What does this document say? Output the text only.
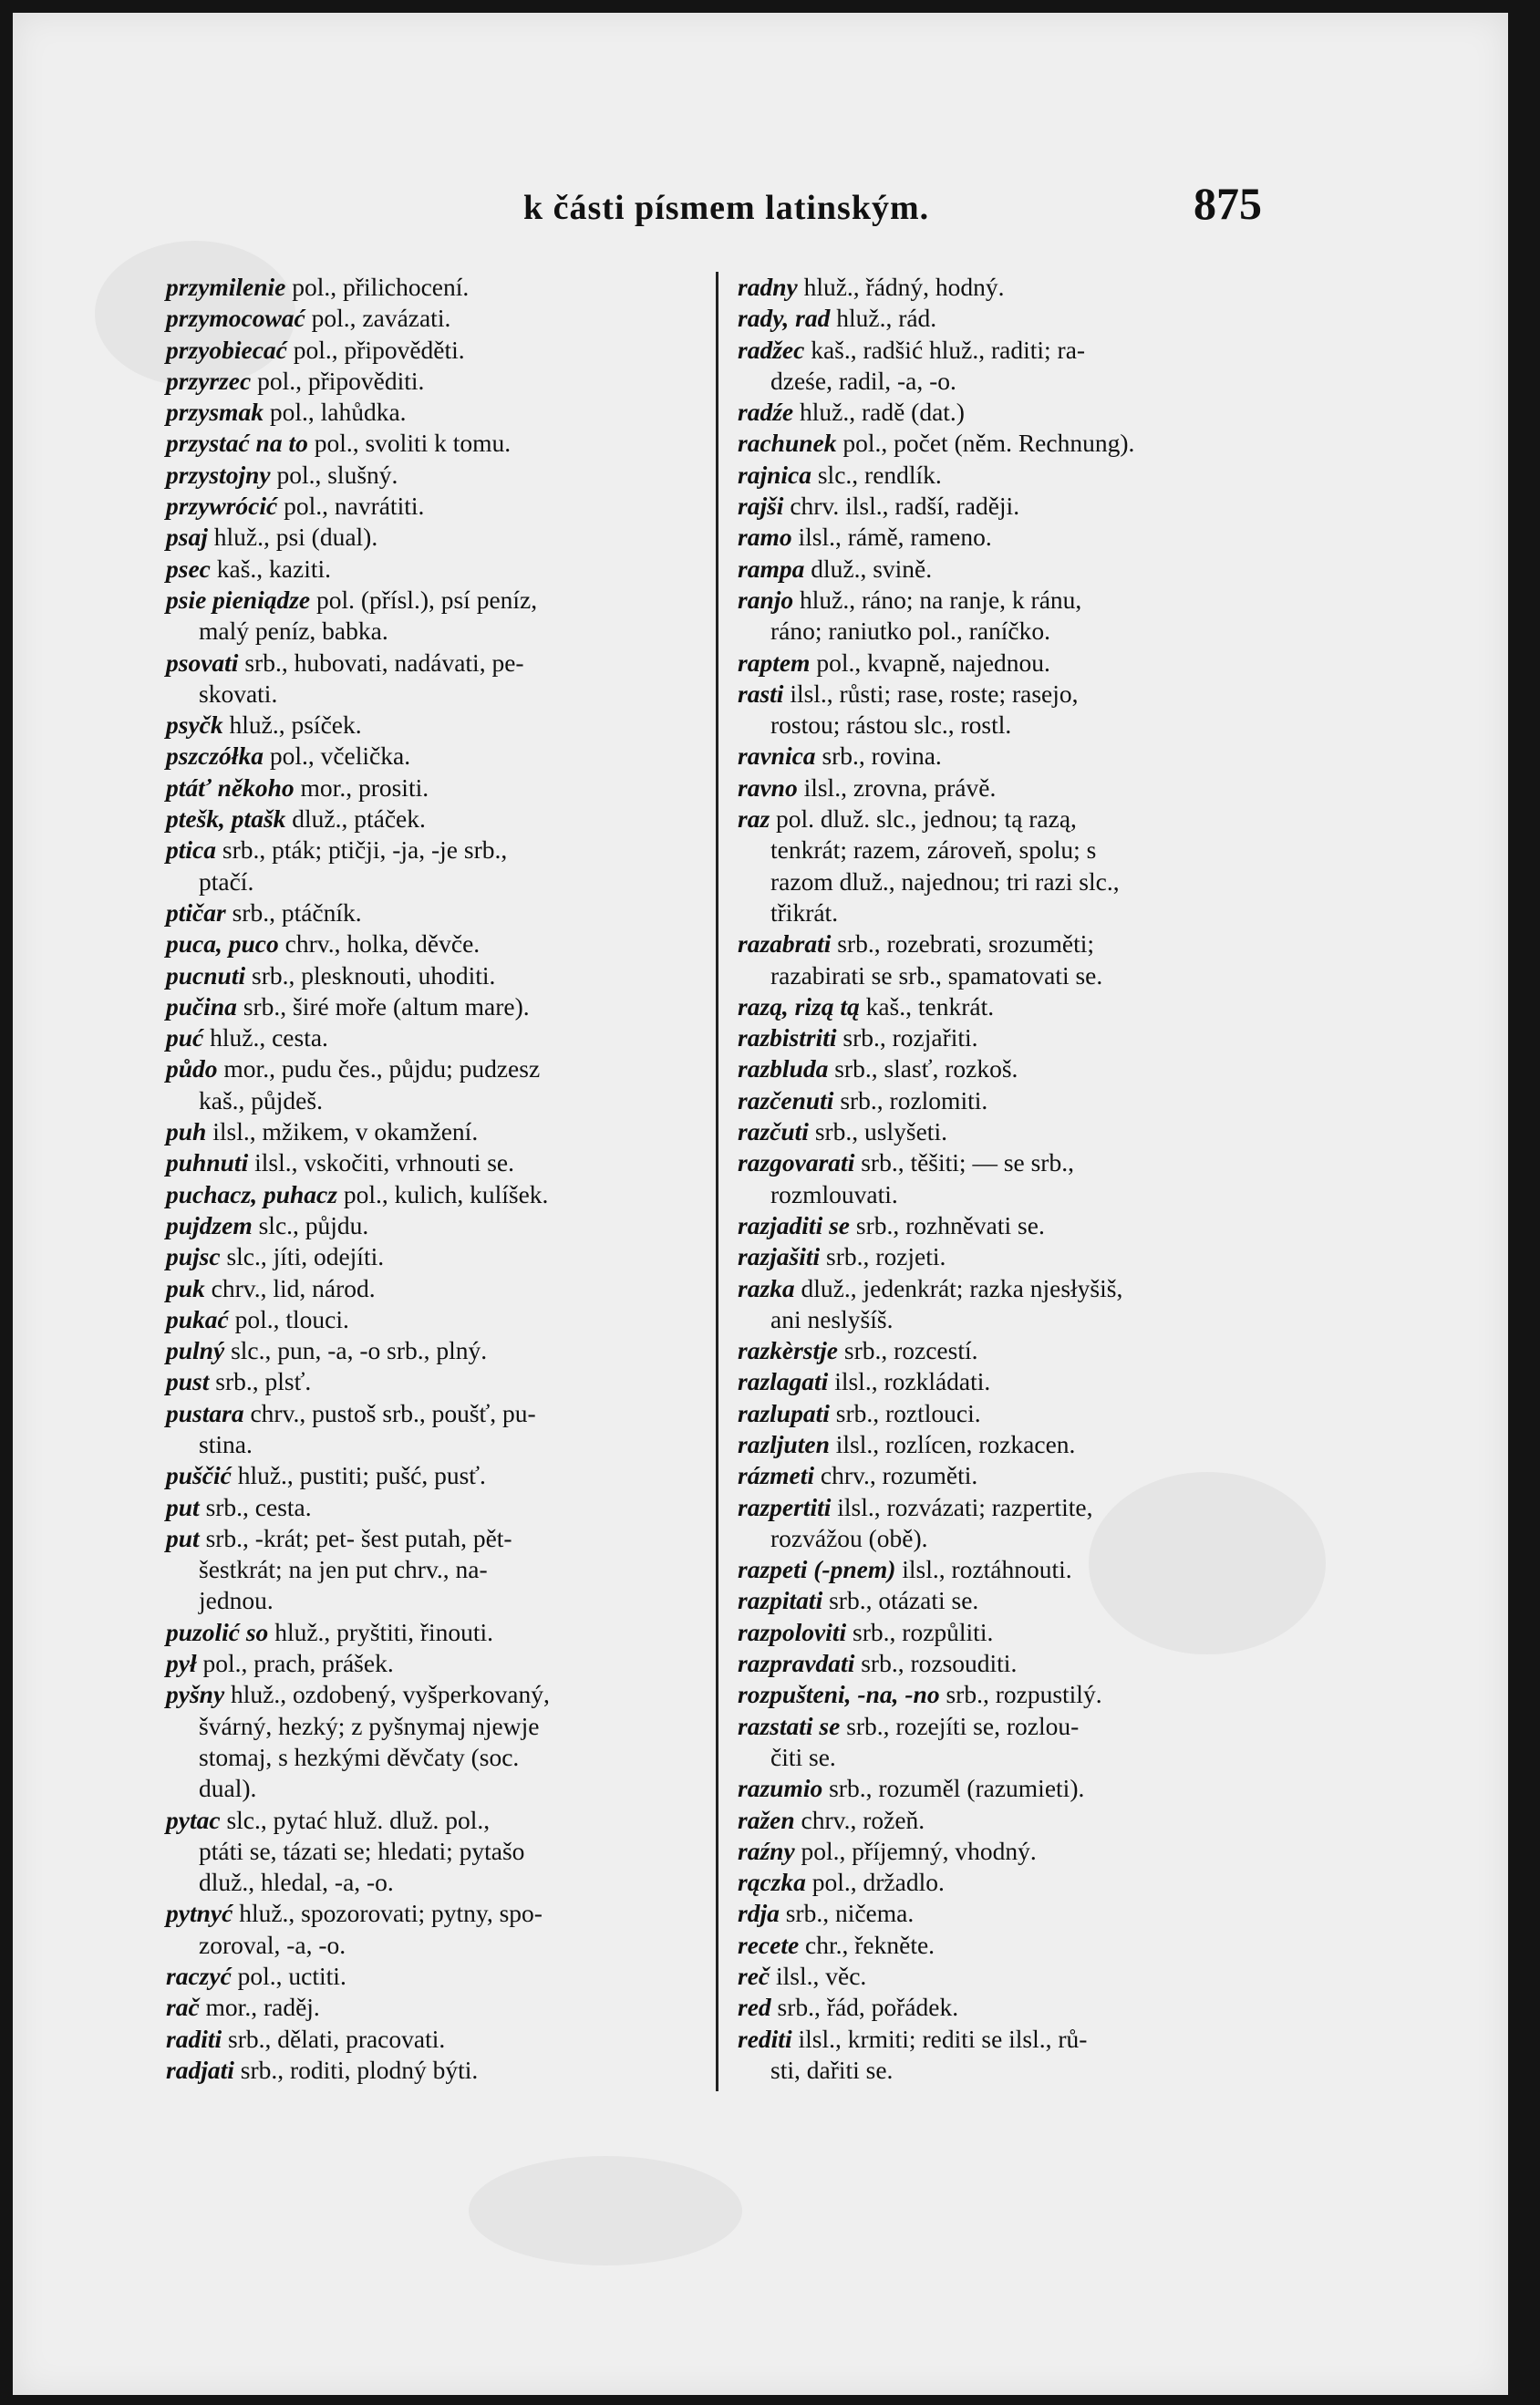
k části písmem latinským.	875
przymilenie pol., přilichocení.
przymocować pol., zavázati.
przyobiecać pol., připověděti.
przyrzec pol., připověditi.
przysmak pol., lahůdka.
przystać na to pol., svoliti k tomu.
przystojny pol., slušný.
przywrócić pol., navrátiti.
psaj hluž., psi (dual).
psec kaš., kaziti.
psie pieniądze pol. (přísl.), psí peníz,
malý peníz, babka.
psovati srb., hubovati, nadávati, pe-
skovati.
psyčk hluž., psíček.
pszczółka pol., včelička.
ptáť někoho mor., prositi.
ptešk, ptašk dluž., ptáček.
ptica srb., pták; ptičji, -ja, -je srb.,
ptačí.
ptičar srb., ptáčník.
puca, puco chrv., holka, děvče.
pucnuti srb., plesknouti, uhoditi.
pučina srb., širé moře (altum mare).
puć hluž., cesta.
půdo mor., pudu čes., půjdu; pudzesz
kaš., půjdeš.
puh ilsl., mžikem, v okamžení.
puhnuti ilsl., vskočiti, vrhnouti se.
puchacz, puhacz pol., kulich, kulíšek.
pujdzem slc., půjdu.
pujsc slc., jíti, odejíti.
puk chrv., lid, národ.
pukać pol., tlouci.
pulný slc., pun, -a, -o srb., plný.
pust srb., plsť.
pustara chrv., pustoš srb., poušť, pu-
stina.
puščić hluž., pustiti; pušć, pusť.
put srb., cesta.
put srb., -krát; pet- šest putah, pět-
šestkrát; na jen put chrv., na-
jednou.
puzolić so hluž., pryštiti, řinouti.
pył pol., prach, prášek.
pyšny hluž., ozdobený, vyšperkovaný,
švárný, hezký; z pyšnymaj njewje
stomaj, s hezkými děvčaty (soc.
dual).
pytac slc., pytać hluž. dluž. pol.,
ptáti se, tázati se; hledati; pytašo
dluž., hledal, -a, -o.
pytnyć hluž., spozorovati; pytny, spo-
zoroval, -a, -o.
raczyć pol., uctiti.
rač mor., raděj.
raditi srb., dělati, pracovati.
radjati srb., roditi, plodný býti.
radny hluž., řádný, hodný.
rady, rad hluž., rád.
radžec kaš., radšić hluž., raditi; ra-
dześe, radil, -a, -o.
radźe hluž., radě (dat.)
rachunek pol., počet (něm. Rechnung).
rajnica slc., rendlík.
rajši chrv. ilsl., radší, raději.
ramo ilsl., rámě, rameno.
rampa dluž., svině.
ranjo hluž., ráno; na ranje, k ránu,
ráno; raniutko pol., raníčko.
raptem pol., kvapně, najednou.
rasti ilsl., růsti; rase, roste; rasejo,
rostou; rástou slc., rostl.
ravnica srb., rovina.
ravno ilsl., zrovna, právě.
raz pol. dluž. slc., jednou; tą razą,
tenkrát; razem, zároveň, spolu; s
razom dluž., najednou; tri razi slc.,
třikrát.
razabrati srb., rozebrati, srozuměti;
razabirati se srb., spamatovati se.
razą, rizą tą kaš., tenkrát.
razbistriti srb., rozjařiti.
razbluda srb., slasť, rozkoš.
razčenuti srb., rozlomiti.
razčuti srb., uslyšeti.
razgovarati srb., těšiti; — se srb.,
rozmlouvati.
razjaditi se srb., rozhněvati se.
razjašiti srb., rozjeti.
razka dluž., jedenkrát; razka njesłyšiš,
ani neslyšíš.
razkèrstje srb., rozcestí.
razlagati ilsl., rozkládati.
razlupati srb., roztlouci.
razljuten ilsl., rozlícen, rozkacen.
rázmeti chrv., rozuměti.
razpertiti ilsl., rozvázati; razpertite,
rozvážou (obě).
razpeti (-pnem) ilsl., roztáhnouti.
razpitati srb., otázati se.
razpoloviti srb., rozpůliti.
razpravdati srb., rozsouditi.
rozpušteni, -na, -no srb., rozpustilý.
razstati se srb., rozejíti se, rozlou-
čiti se.
razumio srb., rozuměl (razumieti).
ražen chrv., rožeň.
raźny pol., příjemný, vhodný.
rączka pol., držadlo.
rdja srb., ničema.
recete chr., řekněte.
reč ilsl., věc.
red srb., řád, pořádek.
rediti ilsl., krmiti; rediti se ilsl., rů-
sti, dařiti se.
